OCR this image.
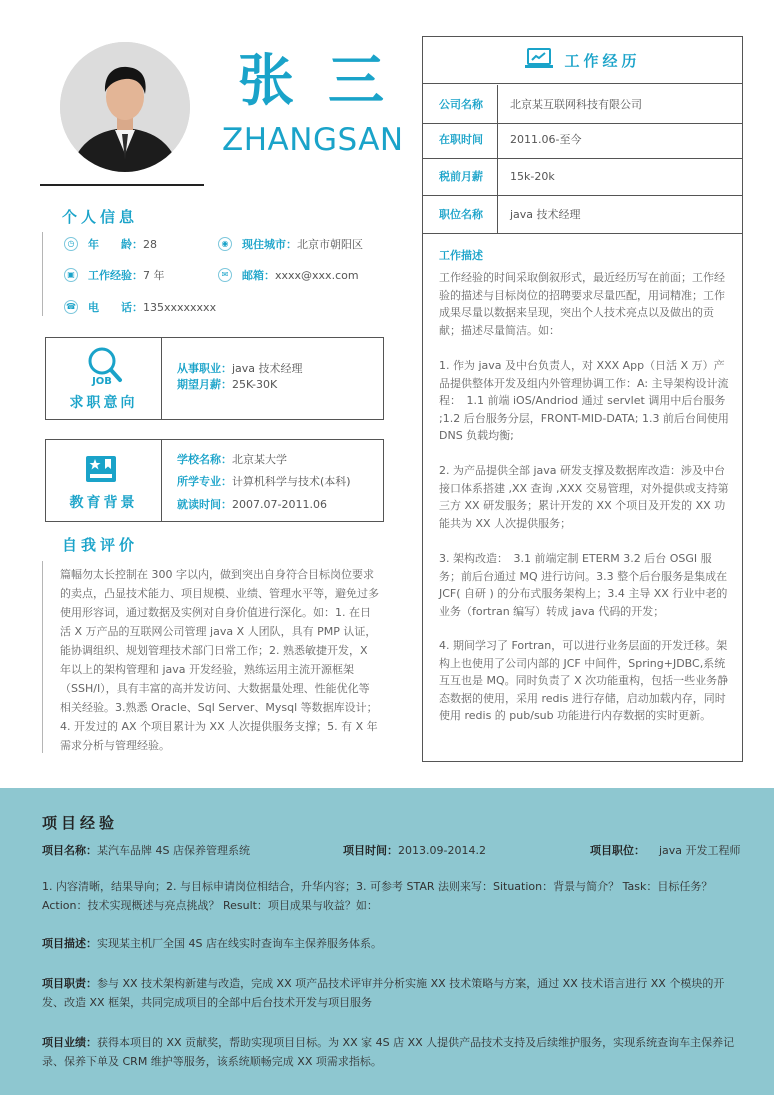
张三
ZHANGSAN
个人信息
◷	年　　龄： 28	◉	现住城市： 北京市朝阳区
▣ 工作经验： 7 年	✉	邮箱： xxxx@xxx.com
☎ 电　　话： 135xxxxxxxx
JOB
求职意向
从事职业：java 技术经理
期望月薪：25K-30K
教育背景
学校名称：北京某大学
所学专业：计算机科学与技术(本科)
就读时间：2007.07-2011.06
自我评价
篇幅勿太长控制在 300 字以内，做到突出自身符合目标岗位要求的卖点，凸显技术能力、项目规模、业绩、管理水平等，避免过多使用形容词，通过数据及实例对自身价值进行深化。如：1. 在日活 X 万产品的互联网公司管理 java X 人团队，具有 PMP 认证，能协调组织、规划管理技术部门日常工作；2. 熟悉敏捷开发，X 年以上的架构管理和 java 开发经验，熟练运用主流开源框架（SSH/I），具有丰富的高并发访问、大数据量处理、性能优化等相关经验。3.熟悉 Oracle、Sql Server、Mysql 等数据库设计；4. 开发过的 AX 个项目累计为 XX 人次提供服务支撑；5. 有 X 年需求分析与管理经验。
工作经历
公司名称	北京某互联网科技有限公司
在职时间	2011.06-至今
税前月薪	15k-20k
职位名称	java 技术经理
工作描述
工作经验的时间采取倒叙形式，最近经历写在前面；工作经验的描述与目标岗位的招聘要求尽量匹配，用词精准；工作成果尽量以数据来呈现，突出个人技术亮点以及做出的贡献；描述尽量简洁。如：
1. 作为 java 及中台负责人，对 XXX App（日活 X 万）产品提供整体开发及组内外管理协调工作：A: 主导架构设计流程：　1.1 前端 iOS/Andriod 通过 servlet 调用中后台服务 ;1.2 后台服务分层，FRONT-MID-DATA; 1.3 前后台间使用 DNS 负载均衡;
2. 为产品提供全部 java 研发支撑及数据库改造：涉及中台接口体系搭建 ,XX 查询 ,XXX 交易管理，对外提供或支持第三方 XX 研发服务；累计开发的 XX 个项目及开发的 XX 功能共为 XX 人次提供服务；
3. 架构改造：　3.1 前端定制 ETERM 3.2 后台 OSGI 服务；前后台通过 MQ 进行访问。3.3 整个后台服务是集成在 JCF( 自研 ) 的分布式服务架构上；3.4 主导 XX 行业中老的业务（fortran 编写）转成 java 代码的开发；
4. 期间学习了 Fortran，可以进行业务层面的开发迁移。架构上也使用了公司内部的 JCF 中间件，Spring+JDBC,系统互互也是 MQ。同时负责了 X 次功能重构，包括一些业务静态数据的使用，采用 redis 进行存储，启动加载内存，同时使用 redis 的 pub/sub 功能进行内存数据的实时更新。
项目经验
项目名称：某汽车品牌 4S 店保养管理系统	项目时间：2013.09-2014.2	项目职位： java 开发工程师
1. 内容清晰，结果导向；2. 与目标申请岗位相结合，升华内容；3. 可参考 STAR 法则来写：Situation：背景与简介？ Task：目标任务？Action：技术实现概述与亮点挑战？ Result：项目成果与收益？如：
项目描述：实现某主机厂全国 4S 店在线实时查询车主保养服务体系。
项目职责：参与 XX 技术架构新建与改造，完成 XX 项产品技术评审并分析实施 XX 技术策略与方案，通过 XX 技术语言进行 XX 个模块的开发、改造 XX 框架，共同完成项目的全部中后台技术开发与项目服务
项目业绩：获得本项目的 XX 贡献奖，帮助实现项目目标。为 XX 家 4S 店 XX 人提供产品技术支持及后续维护服务，实现系统查询车主保养记录、保养下单及 CRM 维护等服务，该系统顺畅完成 XX 项需求指标。
